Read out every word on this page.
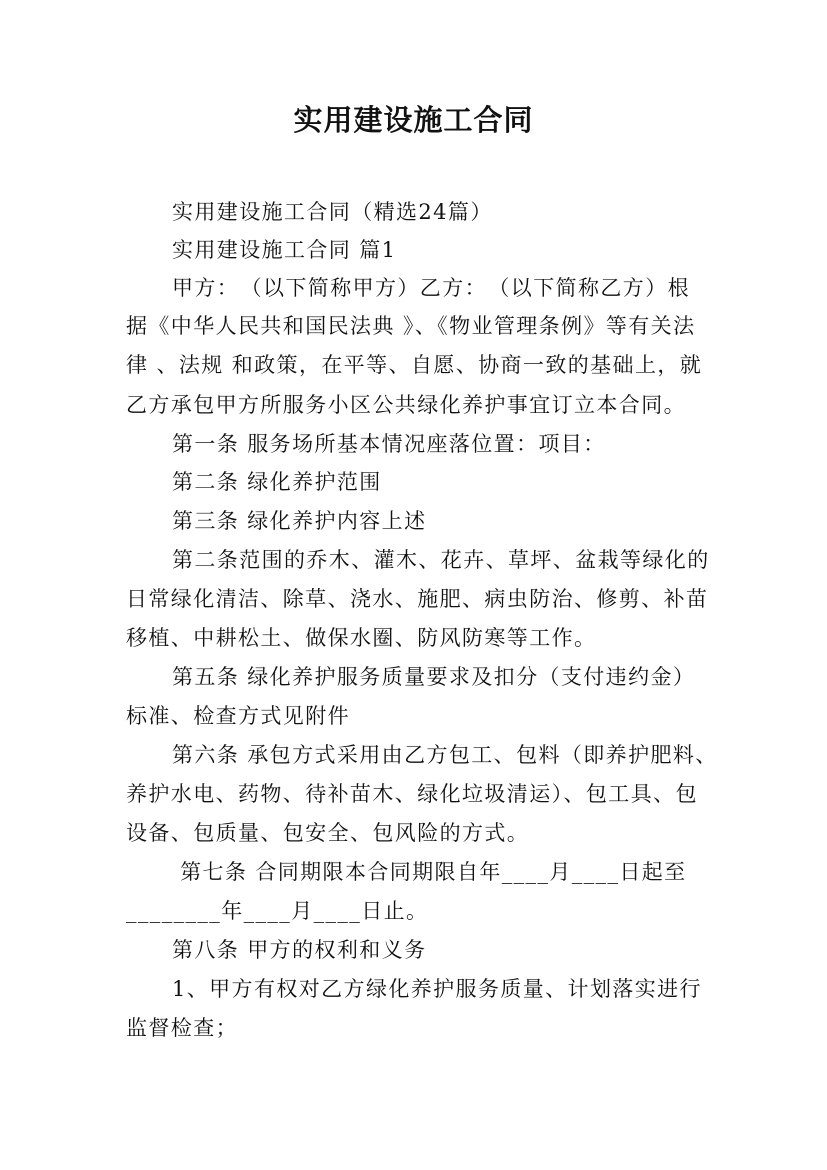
实用建设施工合同
实用建设施工合同（精选24篇）
实用建设施工合同 篇1
甲方：　（以下简称甲方）乙方：　（以下简称乙方）根
据《中华人民共和国民法典 》、《物业管理条例》等有关法
律 、法规 和政策，在平等、自愿、协商一致的基础上，就
乙方承包甲方所服务小区公共绿化养护事宜订立本合同。
第一条 服务场所基本情况座落位置：项目：
第二条 绿化养护范围
第三条 绿化养护内容上述
第二条范围的乔木、灌木、花卉、草坪、盆栽等绿化的
日常绿化清洁、除草、浇水、施肥、病虫防治、修剪、补苗
移植、中耕松土、做保水圈、防风防寒等工作。
第五条 绿化养护服务质量要求及扣分（支付违约金）
标准、检查方式见附件
第六条 承包方式采用由乙方包工、包料（即养护肥料、
养护水电、药物、待补苗木、绿化垃圾清运）、包工具、包
设备、包质量、包安全、包风险的方式。
第七条 合同期限本合同期限自年____月____日起至
________年____月____日止。
第八条 甲方的权利和义务
1、甲方有权对乙方绿化养护服务质量、计划落实进行
监督检查；
